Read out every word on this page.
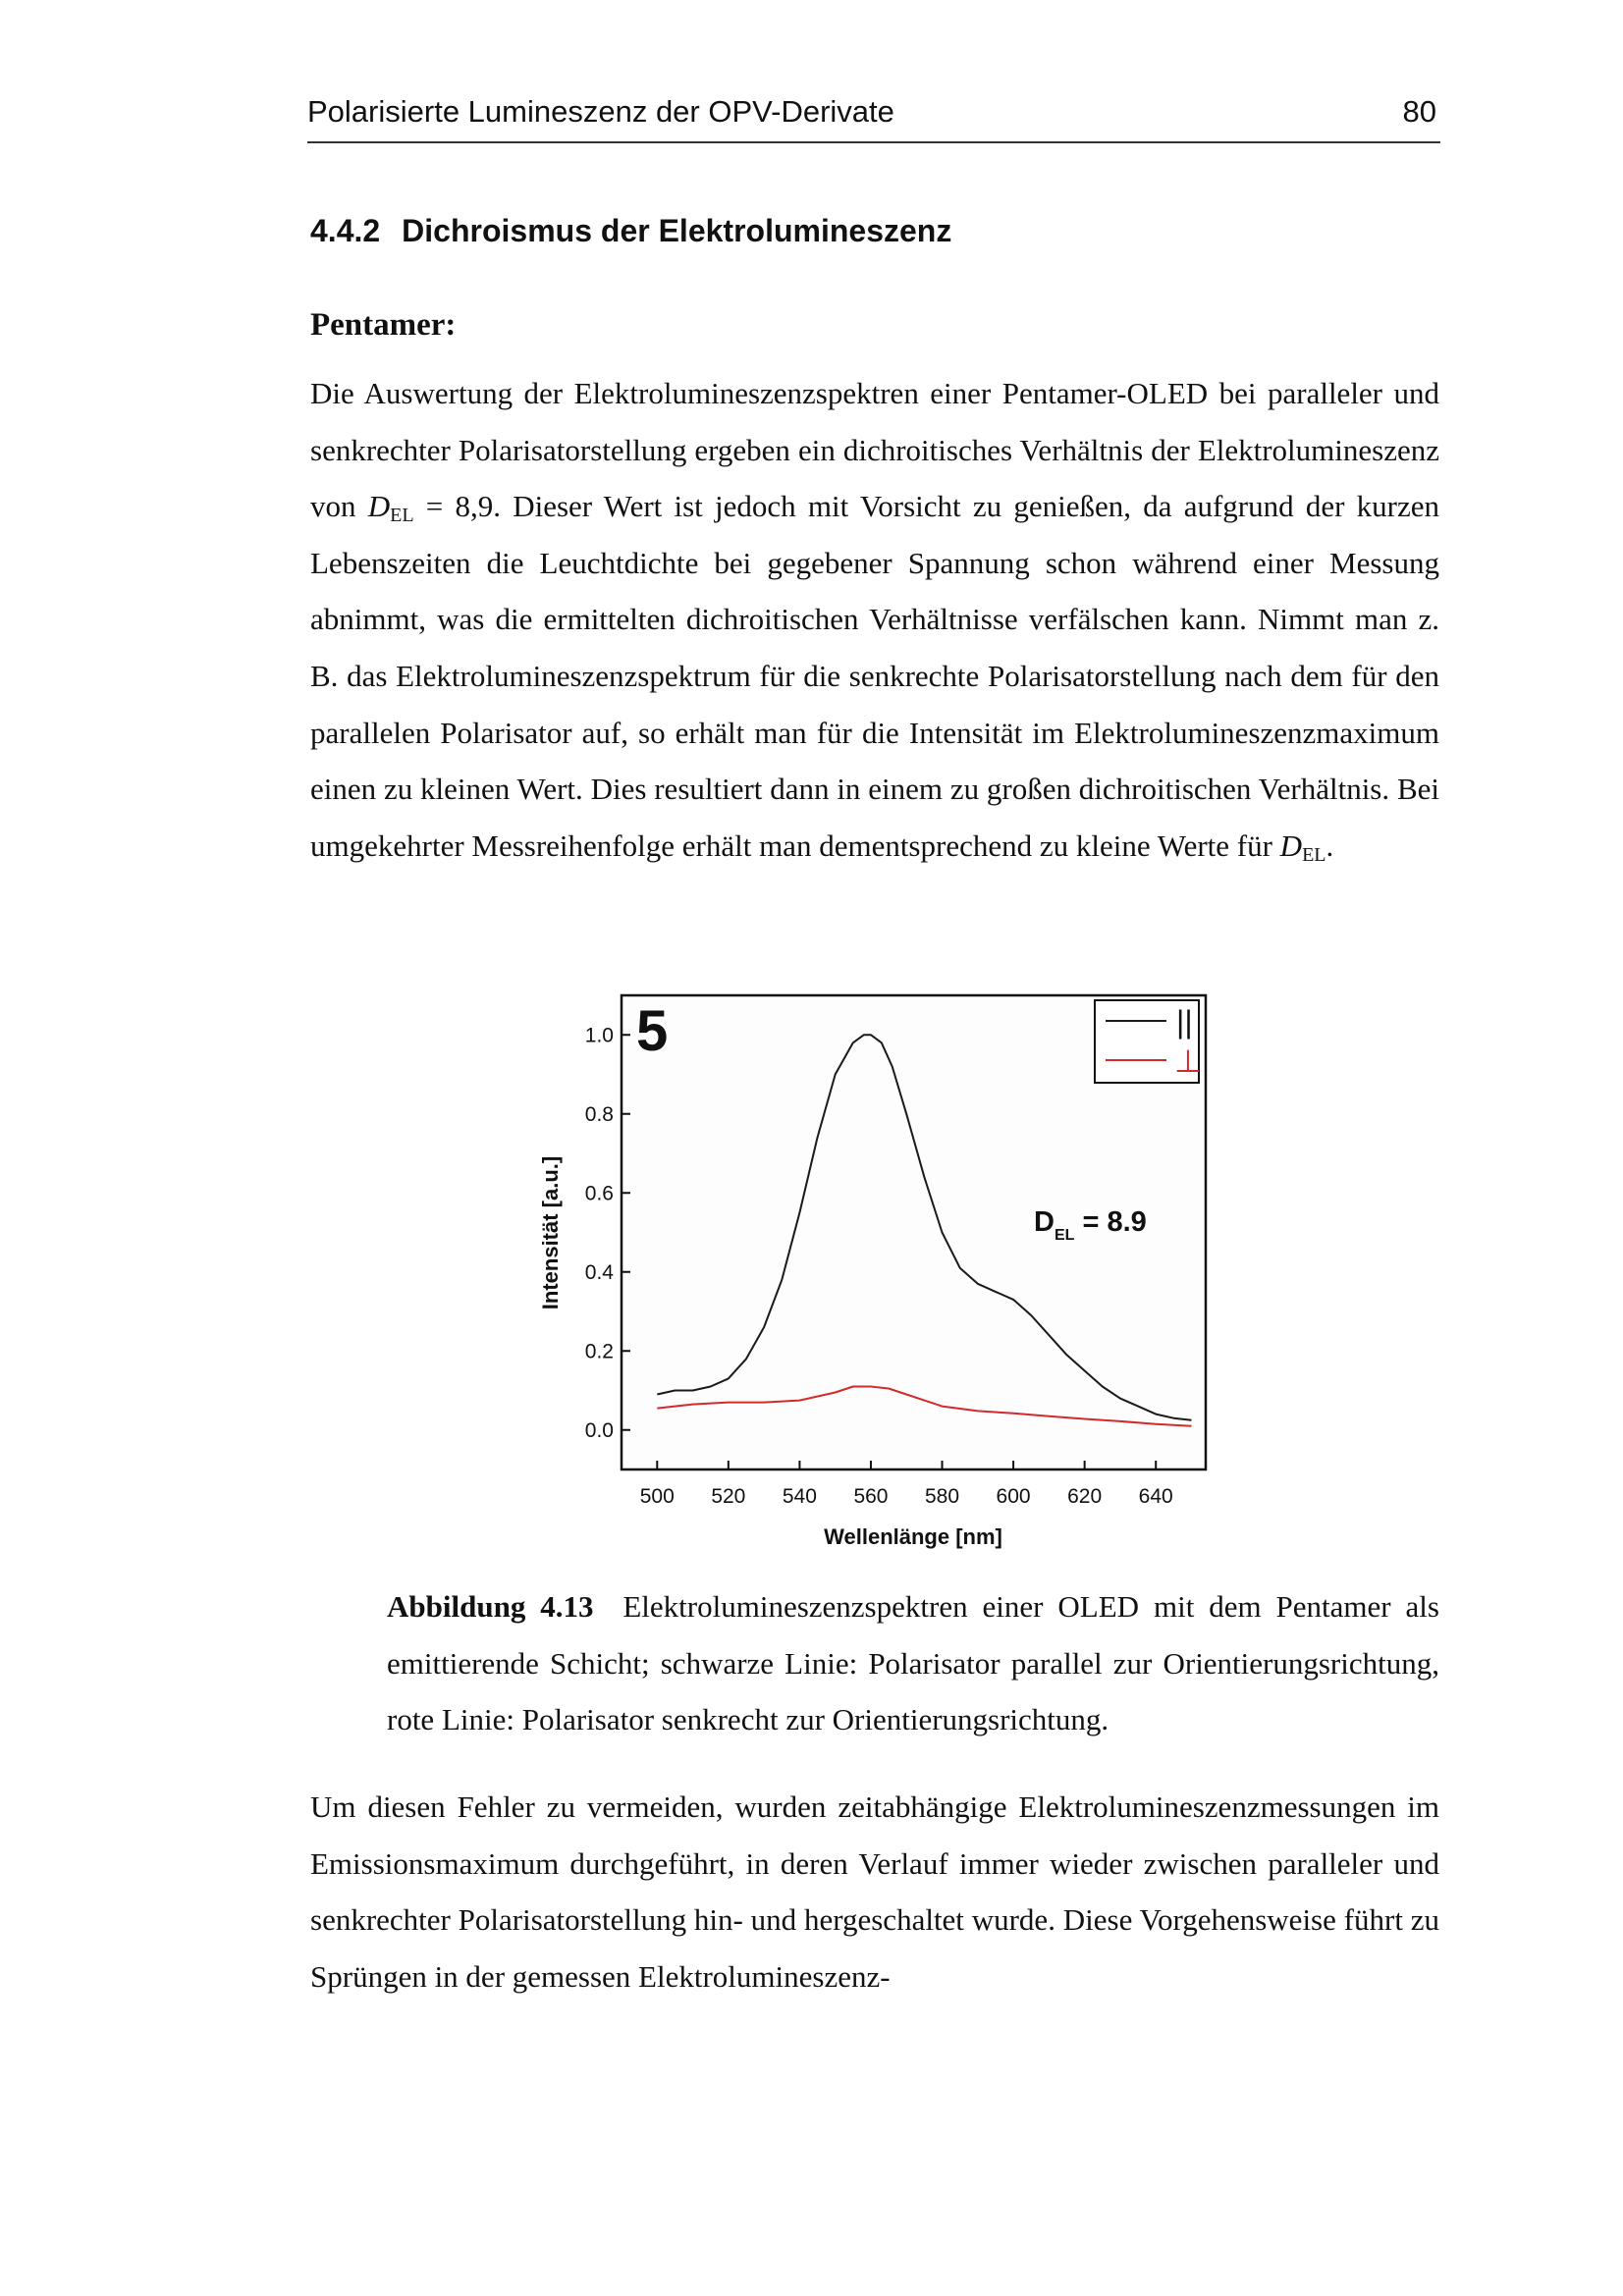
Polarisierte Lumineszenz der OPV-Derivate	80
4.4.2 Dichroismus der Elektrolumineszenz
Pentamer:

Die Auswertung der Elektrolumineszenzspektren einer Pentamer-OLED bei paralleler und senkrechter Polarisatorstellung ergeben ein dichroitisches Verhältnis der Elektrolumineszenz von $D_{EL} = 8,9$. Dieser Wert ist jedoch mit Vorsicht zu genießen, da aufgrund der kurzen Lebenszeiten die Leuchtdichte bei gegebener Spannung schon während einer Messung abnimmt, was die ermittelten dichroitischen Verhältnisse verfälschen kann. Nimmt man z. B. das Elektrolumineszenzspektrum für die senkrechte Polarisatorstellung nach dem für den parallelen Polarisator auf, so erhält man für die Intensität im Elektrolumineszenzmaximum einen zu kleinen Wert. Dies resultiert dann in einem zu großen dichroitischen Verhältnis. Bei umgekehrter Messreihenfolge erhält man dementsprechend zu kleine Werte für $D_{EL}$.

500 520 540 560 580 600 620 640
0.0
0.2
0.4
0.6
0.8
1.0 5
$D_{EL} = 8.9$
||
⊥
Wellenlänge [nm]
Intensität [a.u.]

Abbildung 4.13 Elektrolumineszenzspektren einer OLED mit dem Pentamer als emittierende Schicht; schwarze Linie: Polarisator parallel zur Orientierungsrichtung, rote Linie: Polarisator senkrecht zur Orientierungsrichtung.

Um diesen Fehler zu vermeiden, wurden zeitabhängige Elektrolumineszenzmessungen im Emissionsmaximum durchgeführt, in deren Verlauf immer wieder zwischen paralleler und senkrechter Polarisatorstellung hin- und hergeschaltet wurde. Diese Vorgehensweise führt zu Sprüngen in der gemessen Elektrolumineszenz-
